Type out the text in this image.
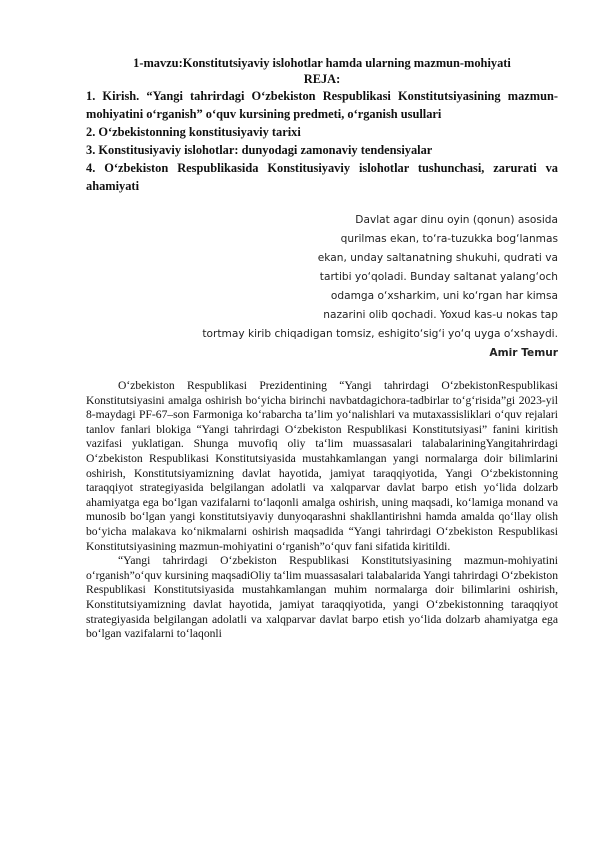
1-mavzu:Konstitutsiyaviy islohotlar hamda ularning mazmun-mohiyati
REJA:
1. Kirish. “Yangi tahrirdagi O‘zbekiston Respublikasi Konstitutsiyasining mazmun-mohiyatini o‘rganish” o‘quv kursining predmeti, o‘rganish usullari
2. O‘zbekistonning konstitusiyaviy tarixi
3. Konstitusiyaviy islohotlar: dunyodagi zamonaviy tendensiyalar
4. O‘zbekiston Respublikasida Konstitusiyaviy islohotlar tushunchasi, zarurati va ahamiyati
Davlat agar dinu oyin (qonun) asosida
qurilmas ekan, to‘ra-tuzukka bog‘lanmas
ekan, unday saltanatning shukuhi, qudrati va
tartibi yo‘qoladi. Bunday saltanat yalang‘och
odamga o‘xsharkim, uni ko‘rgan har kimsa
nazarini olib qochadi. Yoxud kas-u nokas tap
tortmay kirib chiqadigan tomsiz, eshigito‘sig‘i yo‘q uyga o‘xshaydi.
Amir Temur

O‘zbekiston Respublikasi Prezidentining “Yangi tahrirdagi O‘zbekistonRespublikasi Konstitutsiyasini amalga oshirish bo‘yicha birinchi navbatdagichora-tadbirlar to‘g‘risida”gi 2023-yil 8-maydagi PF-67–son Farmoniga ko‘rabarcha ta’lim yo‘nalishlari va mutaxassisliklari o‘quv rejalari tanlov fanlari blokiga “Yangi tahrirdagi O‘zbekiston Respublikasi Konstitutsiyasi” fanini kiritish vazifasi yuklatigan. Shunga muvofiq oliy ta‘lim muassasalari talabalariningYangitahrirdagi O‘zbekiston Respublikasi Konstitutsiyasida mustahkamlangan yangi normalarga doir bilimlarini oshirish, Konstitutsiyamizning davlat hayotida, jamiyat taraqqiyotida, Yangi O‘zbekistonning taraqqiyot strategiyasida belgilangan adolatli va xalqparvar davlat barpo etish yo‘lida dolzarb ahamiyatga ega bo‘lgan vazifalarni to‘laqonli amalga oshirish, uning maqsadi, ko‘lamiga monand va munosib bo‘lgan yangi konstitutsiyaviy dunyoqarashni shakllantirishni hamda amalda qo‘llay olish bo‘yicha malakava ko‘nikmalarni oshirish maqsadida “Yangi tahrirdagi O‘zbekiston Respublikasi Konstitutsiyasining mazmun-mohiyatini o‘rganish”o‘quv fani sifatida kiritildi.

“Yangi tahrirdagi O‘zbekiston Respublikasi Konstitutsiyasining mazmun-mohiyatini o‘rganish”o‘quv kursining maqsadiOliy ta‘lim muassasalari talabalarida Yangi tahrirdagi O‘zbekiston Respublikasi Konstitutsiyasida mustahkamlangan muhim normalarga doir bilimlarini oshirish, Konstitutsiyamizning davlat hayotida, jamiyat taraqqiyotida, yangi O‘zbekistonning taraqqiyot strategiyasida belgilangan adolatli va xalqparvar davlat barpo etish yo‘lida dolzarb ahamiyatga ega bo‘lgan vazifalarni to‘laqonli
